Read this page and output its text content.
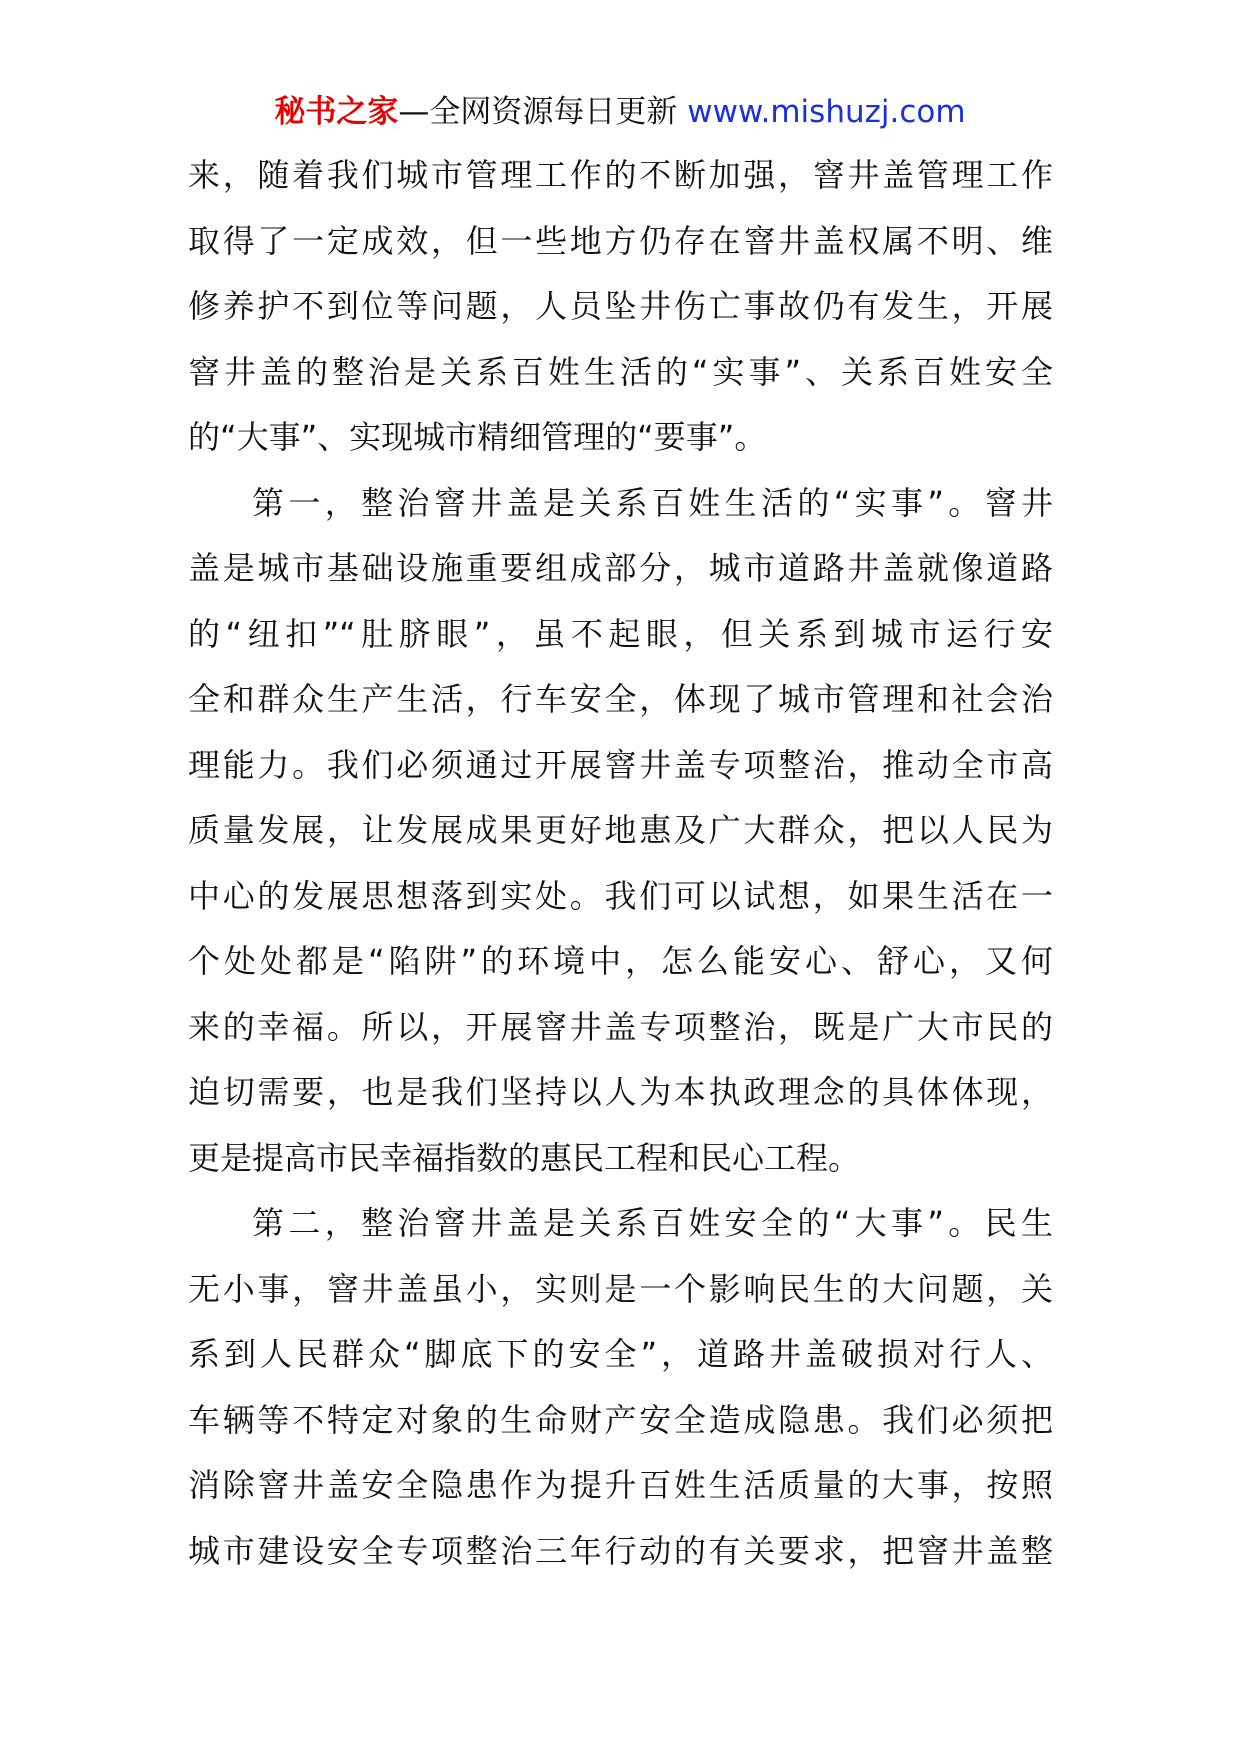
秘书之家—全网资源每日更新 www.mishuzj.com
来，随着我们城市管理工作的不断加强，窨井盖管理工作
取得了一定成效，但一些地方仍存在窨井盖权属不明、维
修养护不到位等问题，人员坠井伤亡事故仍有发生，开展
窨井盖的整治是关系百姓生活的“实事”、关系百姓安全
的“大事”、实现城市精细管理的“要事”。
第一，整治窨井盖是关系百姓生活的“实事”。窨井
盖是城市基础设施重要组成部分，城市道路井盖就像道路
的“纽扣”“肚脐眼”，虽不起眼，但关系到城市运行安
全和群众生产生活，行车安全，体现了城市管理和社会治
理能力。我们必须通过开展窨井盖专项整治，推动全市高
质量发展，让发展成果更好地惠及广大群众，把以人民为
中心的发展思想落到实处。我们可以试想，如果生活在一
个处处都是“陷阱”的环境中，怎么能安心、舒心，又何
来的幸福。所以，开展窨井盖专项整治，既是广大市民的
迫切需要，也是我们坚持以人为本执政理念的具体体现，
更是提高市民幸福指数的惠民工程和民心工程。
第二，整治窨井盖是关系百姓安全的“大事”。民生
无小事，窨井盖虽小，实则是一个影响民生的大问题，关
系到人民群众“脚底下的安全”，道路井盖破损对行人、
车辆等不特定对象的生命财产安全造成隐患。我们必须把
消除窨井盖安全隐患作为提升百姓生活质量的大事，按照
城市建设安全专项整治三年行动的有关要求，把窨井盖整
